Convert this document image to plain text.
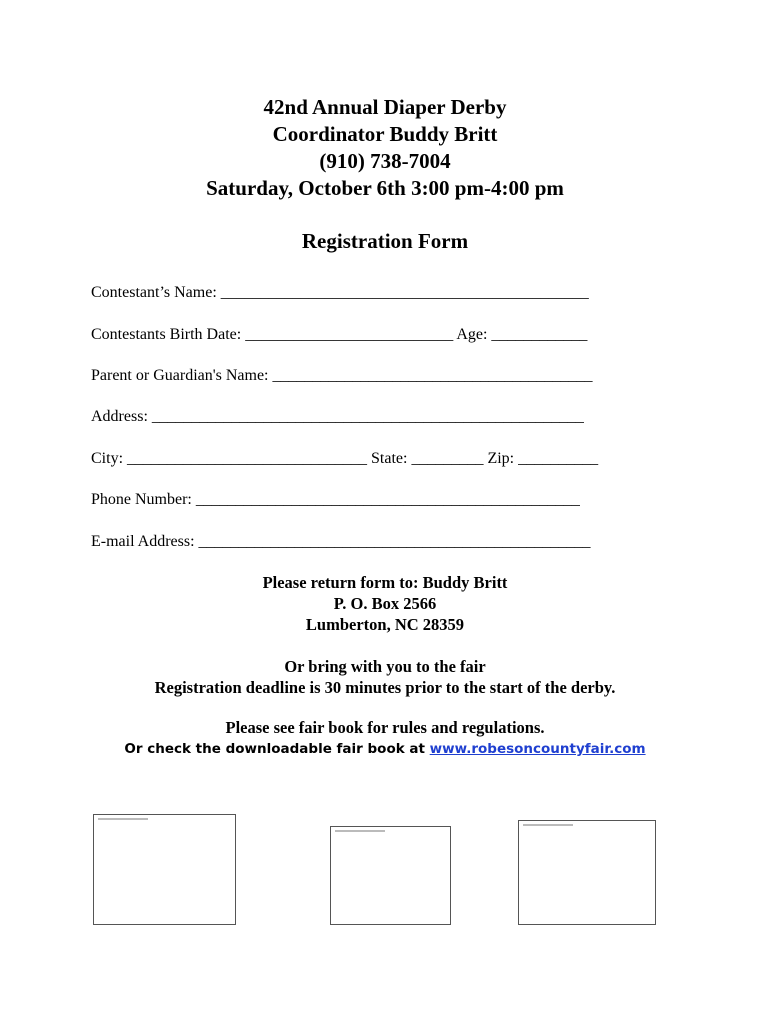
42nd Annual Diaper Derby
Coordinator Buddy Britt
(910) 738-7004
Saturday, October 6th 3:00 pm-4:00 pm
Registration Form
Contestant’s Name: ______________________________________________
Contestants Birth Date: __________________________ Age: ____________
Parent or Guardian's Name: ________________________________________
Address: ______________________________________________________
City: ______________________________ State: _________ Zip: __________
Phone Number: ________________________________________________
E-mail Address: _________________________________________________
Please return form to: Buddy Britt
P. O. Box 2566
Lumberton, NC 28359
Or bring with you to the fair
Registration deadline is 30 minutes prior to the start of the derby.
Please see fair book for rules and regulations.
Or check the downloadable fair book at www.robesoncountyfair.com
